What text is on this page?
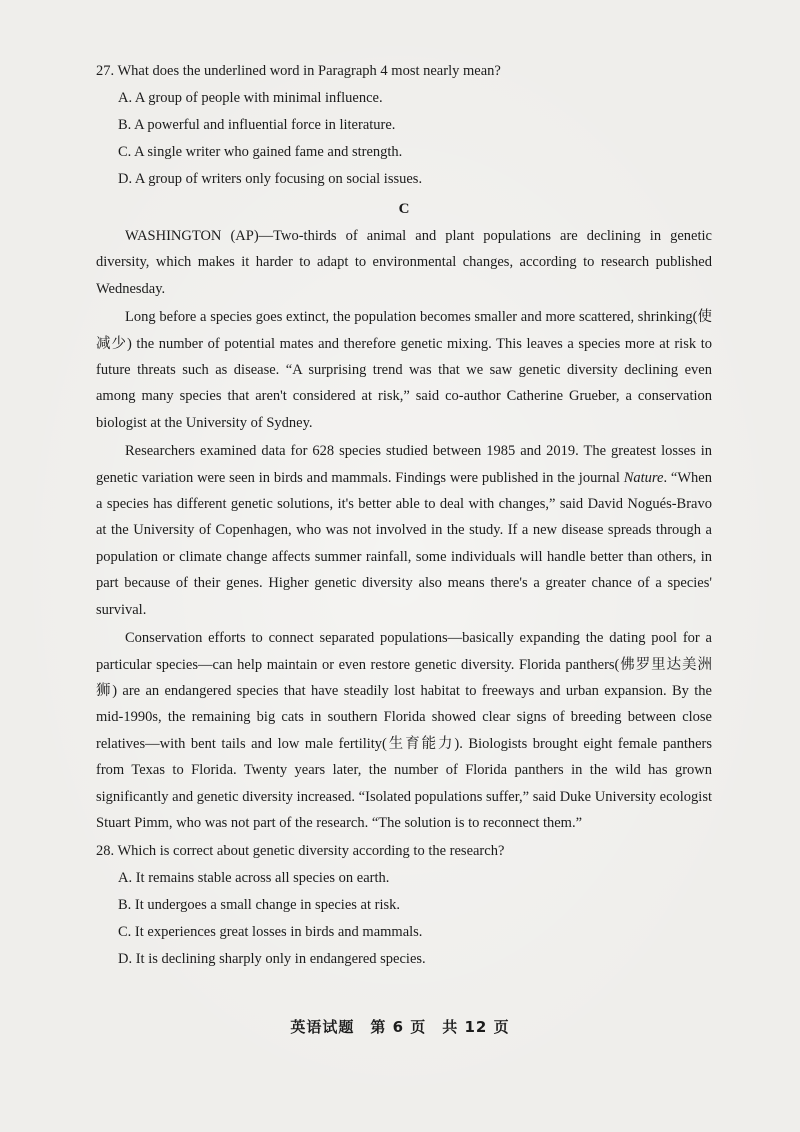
27. What does the underlined word in Paragraph 4 most nearly mean?

A. A group of people with minimal influence.

B. A powerful and influential force in literature.

C. A single writer who gained fame and strength.

D. A group of writers only focusing on social issues.

C

WASHINGTON (AP)—Two-thirds of animal and plant populations are declining in genetic diversity, which makes it harder to adapt to environmental changes, according to research published Wednesday.

Long before a species goes extinct, the population becomes smaller and more scattered, shrinking(使减少) the number of potential mates and therefore genetic mixing. This leaves a species more at risk to future threats such as disease. “A surprising trend was that we saw genetic diversity declining even among many species that aren't considered at risk,” said co-author Catherine Grueber, a conservation biologist at the University of Sydney.

Researchers examined data for 628 species studied between 1985 and 2019. The greatest losses in genetic variation were seen in birds and mammals. Findings were published in the journal Nature. “When a species has different genetic solutions, it's better able to deal with changes,” said David Nogués-Bravo at the University of Copenhagen, who was not involved in the study. If a new disease spreads through a population or climate change affects summer rainfall, some individuals will handle better than others, in part because of their genes. Higher genetic diversity also means there's a greater chance of a species' survival.

Conservation efforts to connect separated populations—basically expanding the dating pool for a particular species—can help maintain or even restore genetic diversity. Florida panthers(佛罗里达美洲狮) are an endangered species that have steadily lost habitat to freeways and urban expansion. By the mid-1990s, the remaining big cats in southern Florida showed clear signs of breeding between close relatives—with bent tails and low male fertility(生育能力). Biologists brought eight female panthers from Texas to Florida. Twenty years later, the number of Florida panthers in the wild has grown significantly and genetic diversity increased. “Isolated populations suffer,” said Duke University ecologist Stuart Pimm, who was not part of the research. “The solution is to reconnect them.”

28. Which is correct about genetic diversity according to the research?

A. It remains stable across all species on earth.

B. It undergoes a small change in species at risk.

C. It experiences great losses in birds and mammals.

D. It is declining sharply only in endangered species.

英语试题　第 6 页　共 12 页
